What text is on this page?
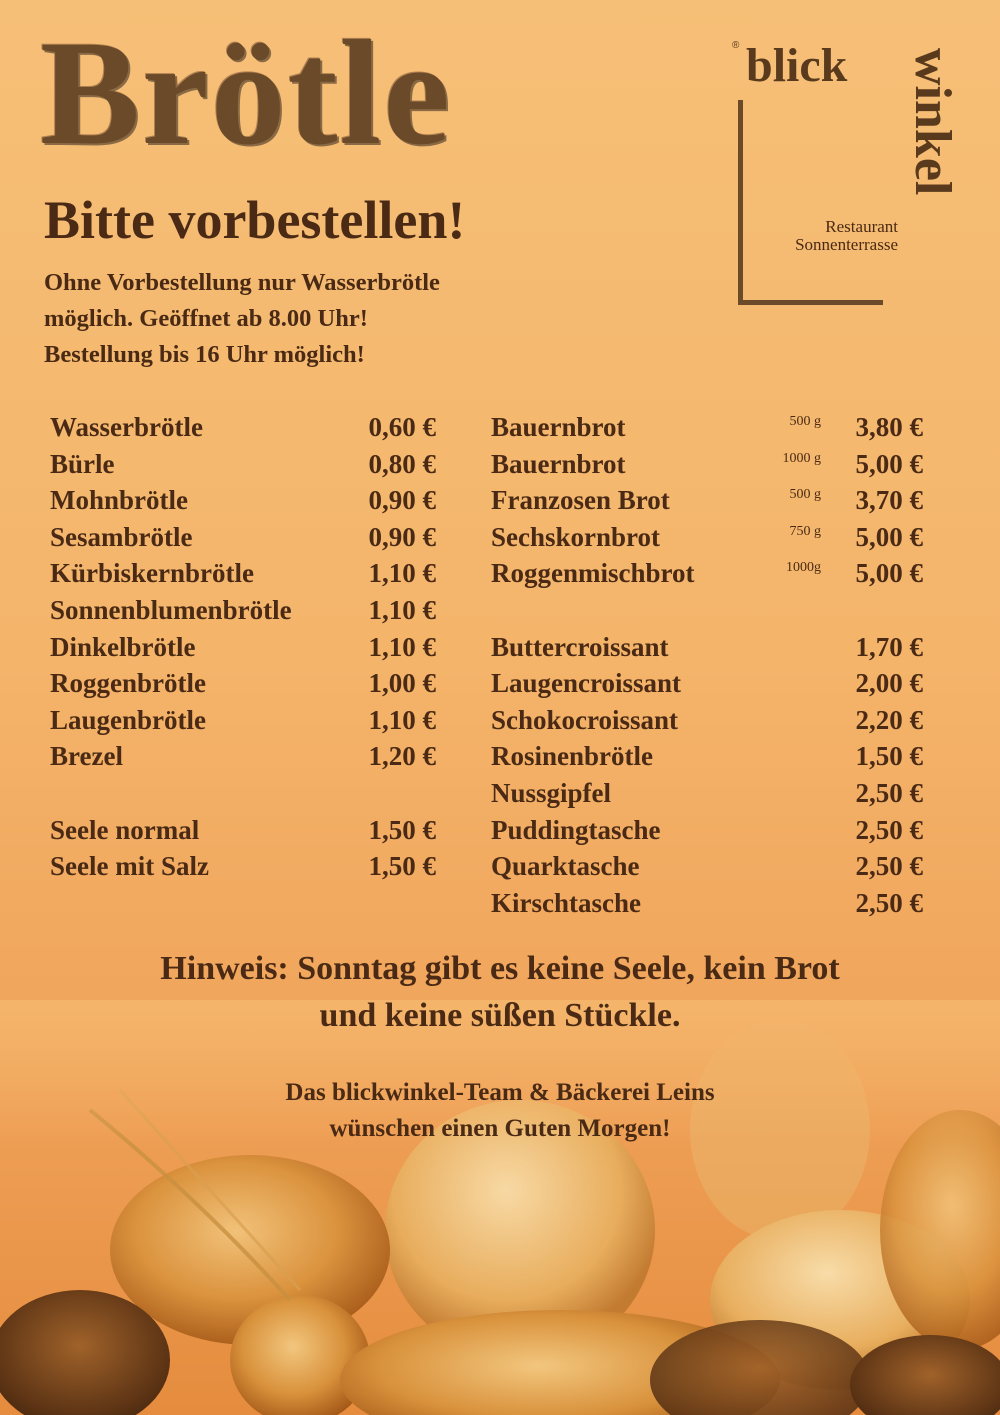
Brötle
Bitte vorbestellen!
Ohne Vorbestellung nur Wasserbrötle
möglich. Geöffnet ab 8.00 Uhr!
Bestellung bis 16 Uhr möglich!
® blick winkel
Restaurant
Sonnenterrasse
Wasserbrötle	0,60 €
Bürle	0,80 €
Mohnbrötle	0,90 €
Sesambrötle	0,90 €
Kürbiskernbrötle	1,10 €
Sonnenblumenbrötle	1,10 €
Dinkelbrötle	1,10 €
Roggenbrötle	1,00 €
Laugenbrötle	1,10 €
Brezel	1,20 €
Seele normal	1,50 €
Seele mit Salz	1,50 €
Bauernbrot	500 g 3,80 €
Bauernbrot	1000 g 5,00 €
Franzosen Brot	500 g 3,70 €
Sechskornbrot	750 g 5,00 €
Roggenmischbrot	1000g 5,00 €
Buttercroissant	1,70 €
Laugencroissant	2,00 €
Schokocroissant	2,20 €
Rosinenbrötle	1,50 €
Nussgipfel	2,50 €
Puddingtasche	2,50 €
Quarktasche	2,50 €
Kirschtasche	2,50 €
Hinweis: Sonntag gibt es keine Seele, kein Brot
und keine süßen Stückle.
Das blickwinkel-Team & Bäckerei Leins
wünschen einen Guten Morgen!
